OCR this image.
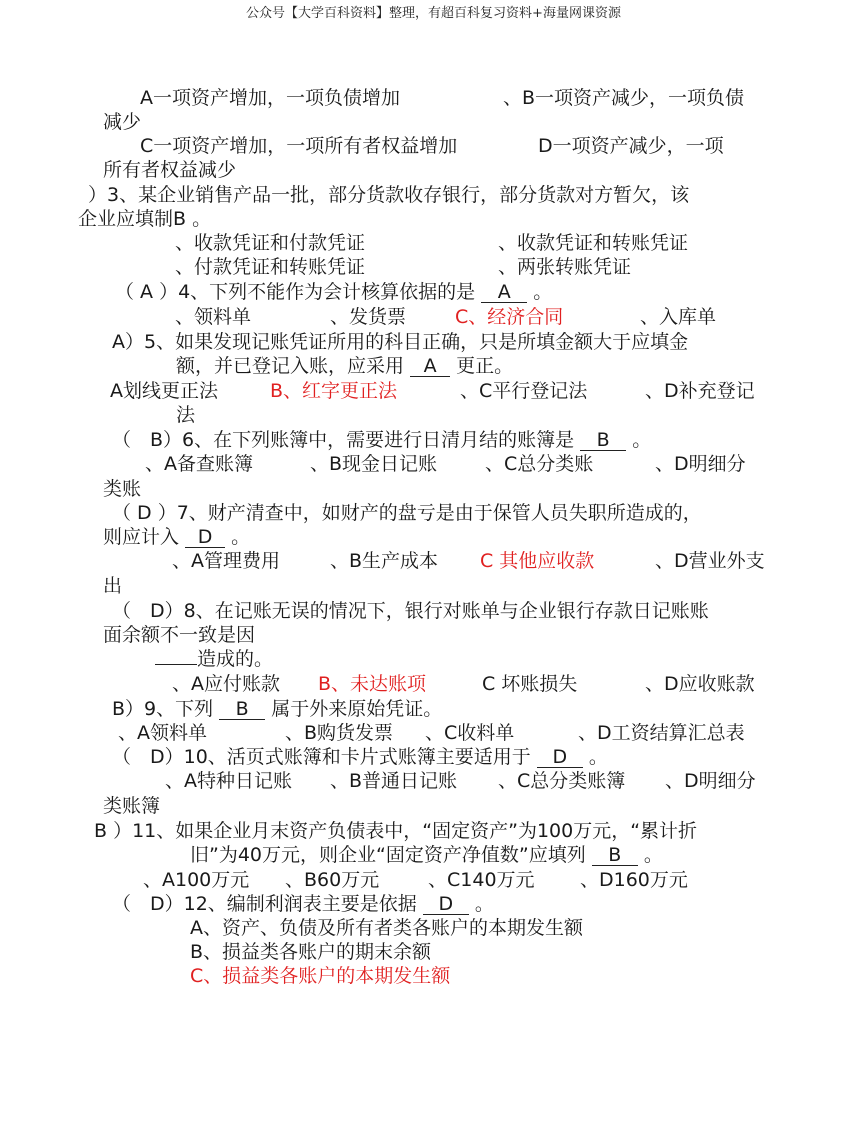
公众号【大学百科资料】整理，有超百科复习资料+海量网课资源
A一项资产增加，一项负债增加	、B一项资产减少，一项负债
减少
C一项资产增加，一项所有者权益增加	D一项资产减少，一项
所有者权益减少
）3、某企业销售产品一批，部分货款收存银行，部分货款对方暂欠，该
企业应填制B 。
、收款凭证和付款凭证	、收款凭证和转账凭证
、付款凭证和转账凭证	、两张转账凭证
（ A ）4、下列不能作为会计核算依据的是 A 。
、领料单	、发货票	C、经济合同	、入库单
A）5、如果发现记账凭证所用的科目正确，只是所填金额大于应填金
额，并已登记入账，应采用 A 更正。
A划线更正法	B、红字更正法	、C平行登记法	、D补充登记
法
（　B）6、在下列账簿中，需要进行日清月结的账簿是 B 。
、A备查账簿	、B现金日记账	、C总分类账	、D明细分
类账
（ D ）7、财产清查中，如财产的盘亏是由于保管人员失职所造成的，
则应计入 D 。
、A管理费用	、B生产成本 C 其他应收款	、D营业外支
出
（　D）8、在记账无误的情况下，银行对账单与企业银行存款日记账账
面余额不一致是因
造成的。
、A应付账款 B、未达账项	C 坏账损失	、D应收账款
B）9、下列 B 属于外来原始凭证。
、A领料单	、B购货发票 、C收料单	、D工资结算汇总表
（　D）10、活页式账簿和卡片式账簿主要适用于 D 。
、A特种日记账 、B普通日记账 、C总分类账簿 、D明细分
类账簿
B ）11、如果企业月末资产负债表中，“固定资产”为100万元，“累计折
旧”为40万元，则企业“固定资产净值数”应填列 B 。
、A100万元 、B60万元	、C140万元 、D160万元
（　D）12、编制利润表主要是依据 D 。
A、资产、负债及所有者类各账户的本期发生额
B、损益类各账户的期末余额
C、损益类各账户的本期发生额
